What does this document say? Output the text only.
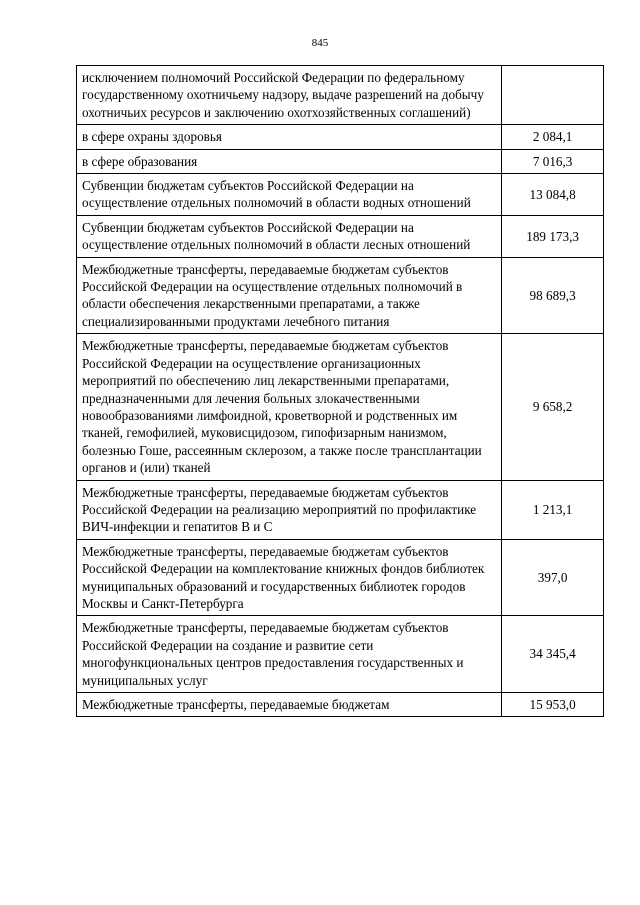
845
исключением полномочий Российской Федерации по федеральному государственному охотничьему надзору, выдаче разрешений на добычу охотничьих ресурсов и заключению охотхозяйственных соглашений)	
в сфере охраны здоровья	2 084,1
в сфере образования	7 016,3
Субвенции бюджетам субъектов Российской Федерации на осуществление отдельных полномочий в области водных отношений	13 084,8
Субвенции бюджетам субъектов Российской Федерации на осуществление отдельных полномочий в области лесных отношений	189 173,3
Межбюджетные трансферты, передаваемые бюджетам субъектов Российской Федерации на осуществление отдельных полномочий в области обеспечения лекарственными препаратами, а также специализированными продуктами лечебного питания	98 689,3
Межбюджетные трансферты, передаваемые бюджетам субъектов Российской Федерации на осуществление организационных мероприятий по обеспечению лиц лекарственными препаратами, предназначенными для лечения больных злокачественными новообразованиями лимфоидной, кроветворной и родственных им тканей, гемофилией, муковисцидозом, гипофизарным нанизмом, болезнью Гоше, рассеянным склерозом, а также после трансплантации органов и (или) тканей	9 658,2
Межбюджетные трансферты, передаваемые бюджетам субъектов Российской Федерации на реализацию мероприятий по профилактике ВИЧ-инфекции и гепатитов В и С	1 213,1
Межбюджетные трансферты, передаваемые бюджетам субъектов Российской Федерации на комплектование книжных фондов библиотек муниципальных образований и государственных библиотек городов Москвы и Санкт-Петербурга	397,0
Межбюджетные трансферты, передаваемые бюджетам субъектов Российской Федерации на создание и развитие сети многофункциональных центров предоставления государственных и муниципальных услуг	34 345,4
Межбюджетные трансферты, передаваемые бюджетам	15 953,0
